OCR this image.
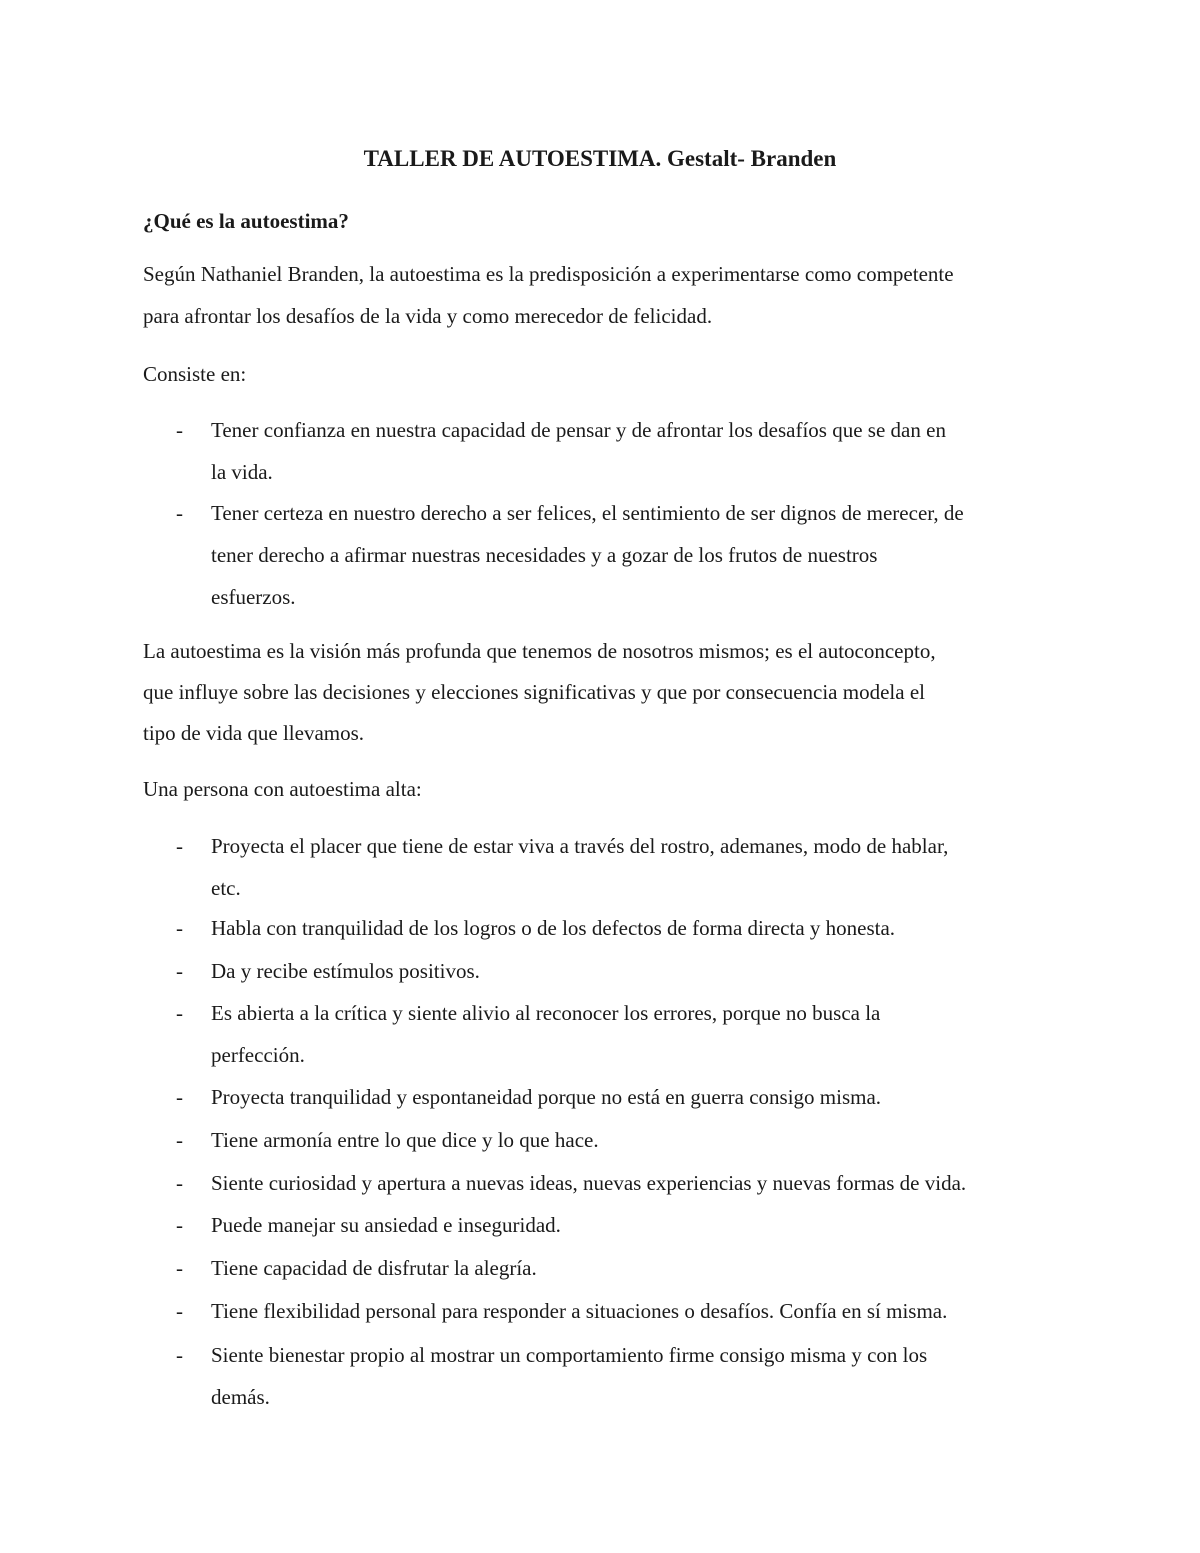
TALLER DE AUTOESTIMA. Gestalt- Branden
¿Qué es la autoestima?
Según Nathaniel Branden, la autoestima es la predisposición a experimentarse como competente
para afrontar los desafíos de la vida y como merecedor de felicidad.
Consiste en:
- Tener confianza en nuestra capacidad de pensar y de afrontar los desafíos que se dan en
la vida.
- Tener certeza en nuestro derecho a ser felices, el sentimiento de ser dignos de merecer, de
tener derecho a afirmar nuestras necesidades y a gozar de los frutos de nuestros
esfuerzos.
La autoestima es la visión más profunda que tenemos de nosotros mismos; es el autoconcepto,
que influye sobre las decisiones y elecciones significativas y que por consecuencia modela el
tipo de vida que llevamos.
Una persona con autoestima alta:
- Proyecta el placer que tiene de estar viva a través del rostro, ademanes, modo de hablar,
etc.
- Habla con tranquilidad de los logros o de los defectos de forma directa y honesta.
- Da y recibe estímulos positivos.
- Es abierta a la crítica y siente alivio al reconocer los errores, porque no busca la
perfección.
- Proyecta tranquilidad y espontaneidad porque no está en guerra consigo misma.
- Tiene armonía entre lo que dice y lo que hace.
- Siente curiosidad y apertura a nuevas ideas, nuevas experiencias y nuevas formas de vida.
- Puede manejar su ansiedad e inseguridad.
- Tiene capacidad de disfrutar la alegría.
- Tiene flexibilidad personal para responder a situaciones o desafíos. Confía en sí misma.
- Siente bienestar propio al mostrar un comportamiento firme consigo misma y con los
demás.
